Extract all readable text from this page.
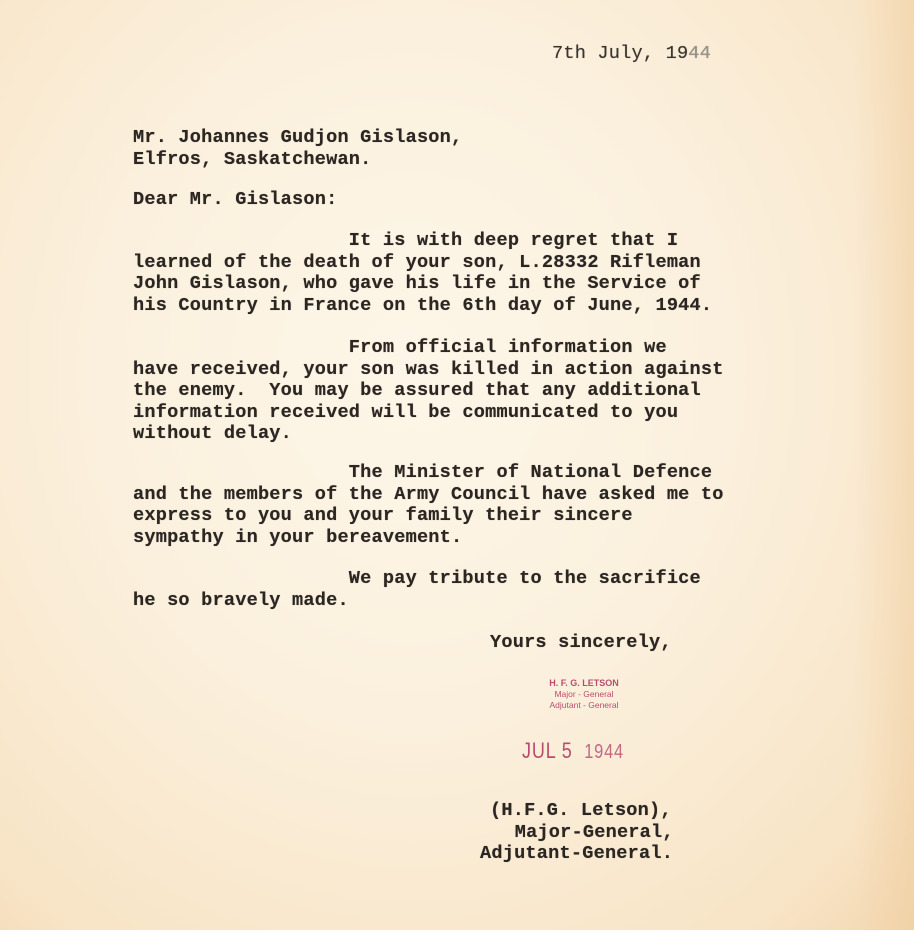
7th July, 1944
Mr. Johannes Gudjon Gislason,
Elfros, Saskatchewan.
Dear Mr. Gislason:
It is with deep regret that I
learned of the death of your son, L.28332 Rifleman
John Gislason, who gave his life in the Service of
his Country in France on the 6th day of June, 1944.
From official information we
have received, your son was killed in action against
the enemy.  You may be assured that any additional
information received will be communicated to you
without delay.
The Minister of National Defence
and the members of the Army Council have asked me to
express to you and your family their sincere
sympathy in your bereavement.
We pay tribute to the sacrifice
he so bravely made.
Yours sincerely,
H. F. G. LETSON
Major - General
Adjutant - General
JUL 5  1944
(H.F.G. Letson),
Major-General,
Adjutant-General.
